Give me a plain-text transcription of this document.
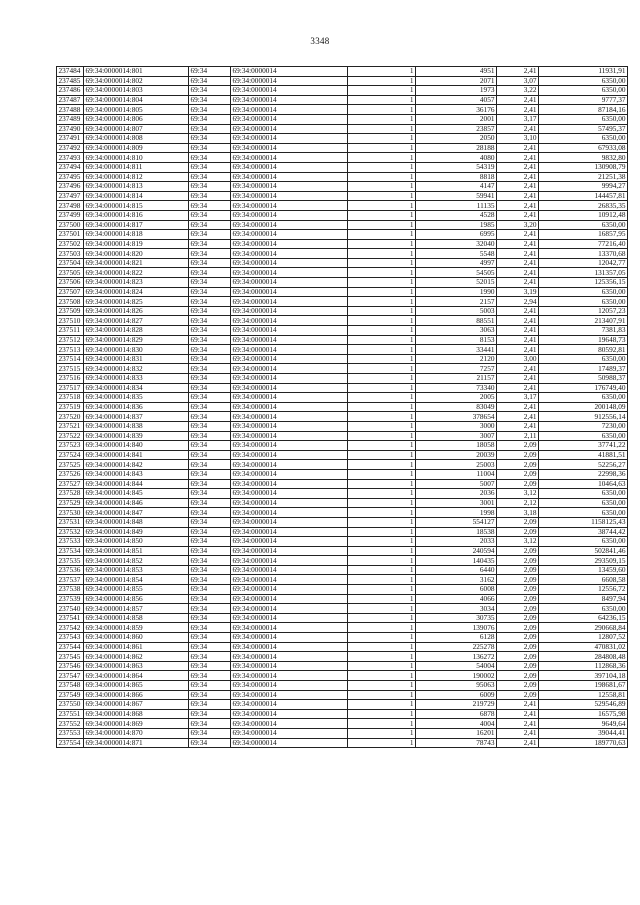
3348
237484	69:34:0000014:801	69:34	69:34:0000014	1	4951	2,41	11931,91
237485	69:34:0000014:802	69:34	69:34:0000014	1	2071	3,07	6350,00
237486	69:34:0000014:803	69:34	69:34:0000014	1	1973	3,22	6350,00
237487	69:34:0000014:804	69:34	69:34:0000014	1	4057	2,41	9777,37
237488	69:34:0000014:805	69:34	69:34:0000014	1	36176	2,41	87184,16
237489	69:34:0000014:806	69:34	69:34:0000014	1	2001	3,17	6350,00
237490	69:34:0000014:807	69:34	69:34:0000014	1	23857	2,41	57495,37
237491	69:34:0000014:808	69:34	69:34:0000014	1	2050	3,10	6350,00
237492	69:34:0000014:809	69:34	69:34:0000014	1	28188	2,41	67933,08
237493	69:34:0000014:810	69:34	69:34:0000014	1	4080	2,41	9832,80
237494	69:34:0000014:811	69:34	69:34:0000014	1	54319	2,41	130908,79
237495	69:34:0000014:812	69:34	69:34:0000014	1	8818	2,41	21251,38
237496	69:34:0000014:813	69:34	69:34:0000014	1	4147	2,41	9994,27
237497	69:34:0000014:814	69:34	69:34:0000014	1	59941	2,41	144457,81
237498	69:34:0000014:815	69:34	69:34:0000014	1	11135	2,41	26835,35
237499	69:34:0000014:816	69:34	69:34:0000014	1	4528	2,41	10912,48
237500	69:34:0000014:817	69:34	69:34:0000014	1	1985	3,20	6350,00
237501	69:34:0000014:818	69:34	69:34:0000014	1	6995	2,41	16857,95
237502	69:34:0000014:819	69:34	69:34:0000014	1	32040	2,41	77216,40
237503	69:34:0000014:820	69:34	69:34:0000014	1	5548	2,41	13370,68
237504	69:34:0000014:821	69:34	69:34:0000014	1	4997	2,41	12042,77
237505	69:34:0000014:822	69:34	69:34:0000014	1	54505	2,41	131357,05
237506	69:34:0000014:823	69:34	69:34:0000014	1	52015	2,41	125356,15
237507	69:34:0000014:824	69:34	69:34:0000014	1	1990	3,19	6350,00
237508	69:34:0000014:825	69:34	69:34:0000014	1	2157	2,94	6350,00
237509	69:34:0000014:826	69:34	69:34:0000014	1	5003	2,41	12057,23
237510	69:34:0000014:827	69:34	69:34:0000014	1	88551	2,41	213407,91
237511	69:34:0000014:828	69:34	69:34:0000014	1	3063	2,41	7381,83
237512	69:34:0000014:829	69:34	69:34:0000014	1	8153	2,41	19648,73
237513	69:34:0000014:830	69:34	69:34:0000014	1	33441	2,41	80592,81
237514	69:34:0000014:831	69:34	69:34:0000014	1	2120	3,00	6350,00
237515	69:34:0000014:832	69:34	69:34:0000014	1	7257	2,41	17489,37
237516	69:34:0000014:833	69:34	69:34:0000014	1	21157	2,41	50988,37
237517	69:34:0000014:834	69:34	69:34:0000014	1	73340	2,41	176749,40
237518	69:34:0000014:835	69:34	69:34:0000014	1	2005	3,17	6350,00
237519	69:34:0000014:836	69:34	69:34:0000014	1	83049	2,41	200148,09
237520	69:34:0000014:837	69:34	69:34:0000014	1	378654	2,41	912556,14
237521	69:34:0000014:838	69:34	69:34:0000014	1	3000	2,41	7230,00
237522	69:34:0000014:839	69:34	69:34:0000014	1	3007	2,11	6350,00
237523	69:34:0000014:840	69:34	69:34:0000014	1	18058	2,09	37741,22
237524	69:34:0000014:841	69:34	69:34:0000014	1	20039	2,09	41881,51
237525	69:34:0000014:842	69:34	69:34:0000014	1	25003	2,09	52256,27
237526	69:34:0000014:843	69:34	69:34:0000014	1	11004	2,09	22998,36
237527	69:34:0000014:844	69:34	69:34:0000014	1	5007	2,09	10464,63
237528	69:34:0000014:845	69:34	69:34:0000014	1	2036	3,12	6350,00
237529	69:34:0000014:846	69:34	69:34:0000014	1	3001	2,12	6350,00
237530	69:34:0000014:847	69:34	69:34:0000014	1	1998	3,18	6350,00
237531	69:34:0000014:848	69:34	69:34:0000014	1	554127	2,09	1158125,43
237532	69:34:0000014:849	69:34	69:34:0000014	1	18538	2,09	38744,42
237533	69:34:0000014:850	69:34	69:34:0000014	1	2033	3,12	6350,00
237534	69:34:0000014:851	69:34	69:34:0000014	1	240594	2,09	502841,46
237535	69:34:0000014:852	69:34	69:34:0000014	1	140435	2,09	293509,15
237536	69:34:0000014:853	69:34	69:34:0000014	1	6440	2,09	13459,60
237537	69:34:0000014:854	69:34	69:34:0000014	1	3162	2,09	6608,58
237538	69:34:0000014:855	69:34	69:34:0000014	1	6008	2,09	12556,72
237539	69:34:0000014:856	69:34	69:34:0000014	1	4066	2,09	8497,94
237540	69:34:0000014:857	69:34	69:34:0000014	1	3034	2,09	6350,00
237541	69:34:0000014:858	69:34	69:34:0000014	1	30735	2,09	64236,15
237542	69:34:0000014:859	69:34	69:34:0000014	1	139076	2,09	290668,84
237543	69:34:0000014:860	69:34	69:34:0000014	1	6128	2,09	12807,52
237544	69:34:0000014:861	69:34	69:34:0000014	1	225278	2,09	470831,02
237545	69:34:0000014:862	69:34	69:34:0000014	1	136272	2,09	284808,48
237546	69:34:0000014:863	69:34	69:34:0000014	1	54004	2,09	112868,36
237547	69:34:0000014:864	69:34	69:34:0000014	1	190002	2,09	397104,18
237548	69:34:0000014:865	69:34	69:34:0000014	1	95063	2,09	198681,67
237549	69:34:0000014:866	69:34	69:34:0000014	1	6009	2,09	12558,81
237550	69:34:0000014:867	69:34	69:34:0000014	1	219729	2,41	529546,89
237551	69:34:0000014:868	69:34	69:34:0000014	1	6878	2,41	16575,98
237552	69:34:0000014:869	69:34	69:34:0000014	1	4004	2,41	9649,64
237553	69:34:0000014:870	69:34	69:34:0000014	1	16201	2,41	39044,41
237554	69:34:0000014:871	69:34	69:34:0000014	1	78743	2,41	189770,63
